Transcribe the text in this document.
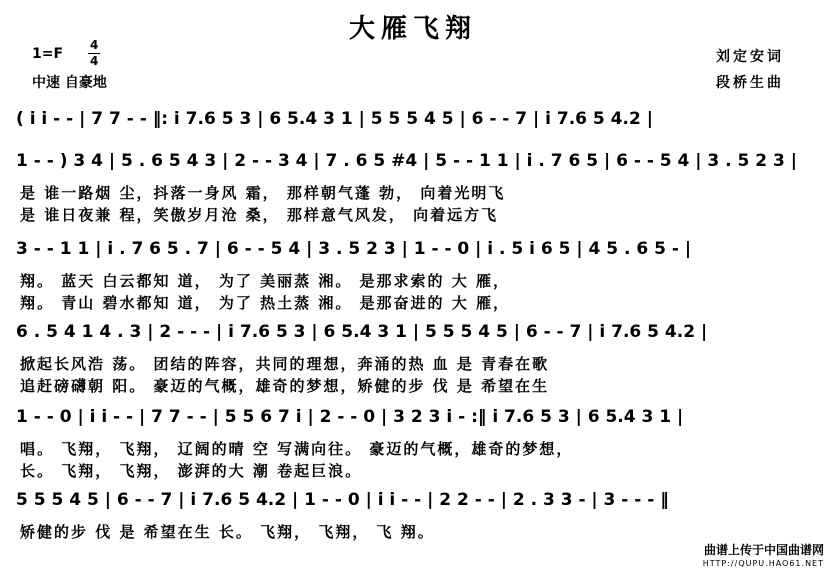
大雁飞翔
1=F
4
4
中速 自豪地
刘定安词
段桥生曲
( i i - - | 7 7 - - ‖: i 7.6 5 3 | 6 5.4 3 1 | 5 5 5 4 5 | 6 - - 7 | i 7.6 5 4.2 |
1 - - ) 3 4 | 5 . 6 5 4 3 | 2 - - 3 4 | 7 . 6 5 #4 | 5 - - 1 1 | i . 7 6 5 | 6 - - 5 4 | 3 . 5 2 3 |
3 - - 1 1 | i . 7 6 5 . 7 | 6 - - 5 4 | 3 . 5 2 3 | 1 - - 0 | i . 5 i 6 5 | 4 5 . 6 5 - |
6 . 5 4 1 4 . 3 | 2 - - - | i 7.6 5 3 | 6 5.4 3 1 | 5 5 5 4 5 | 6 - - 7 | i 7.6 5 4.2 |
1 - - 0 | i i - - | 7 7 - - | 5 5 6 7 i | 2 - - 0 | 3 2 3 i - :‖ i 7.6 5 3 | 6 5.4 3 1 |
5 5 5 4 5 | 6 - - 7 | i 7.6 5 4.2 | 1 - - 0 | i i - - | 2 2 - - | 2 . 3 3 - | 3 - - - ‖
曲谱上传于中国曲谱网
HTTP://QUPU.HAO61.NET
是 谁一路烟 尘，抖落一身风 霜， 那样朝气蓬 勃， 向着光明飞
是 谁日夜兼 程，笑傲岁月沧 桑， 那样意气风发， 向着远方飞
翔。 蓝天 白云都知 道， 为了 美丽蒸 湘。 是那求索的 大 雁，
翔。 青山 碧水都知 道， 为了 热土蒸 湘。 是那奋进的 大 雁，
掀起长风浩 荡。 团结的阵容，共同的理想，奔涌的热 血 是 青春在歌
追赶磅礴朝 阳。 豪迈的气概，雄奇的梦想，矫健的步 伐 是 希望在生
唱。 飞翔， 飞翔， 辽阔的晴 空 写满向往。 豪迈的气概，雄奇的梦想，
长。 飞翔， 飞翔， 澎湃的大 潮 卷起巨浪。
矫健的步 伐 是 希望在生 长。 飞翔， 飞翔， 飞 翔。
